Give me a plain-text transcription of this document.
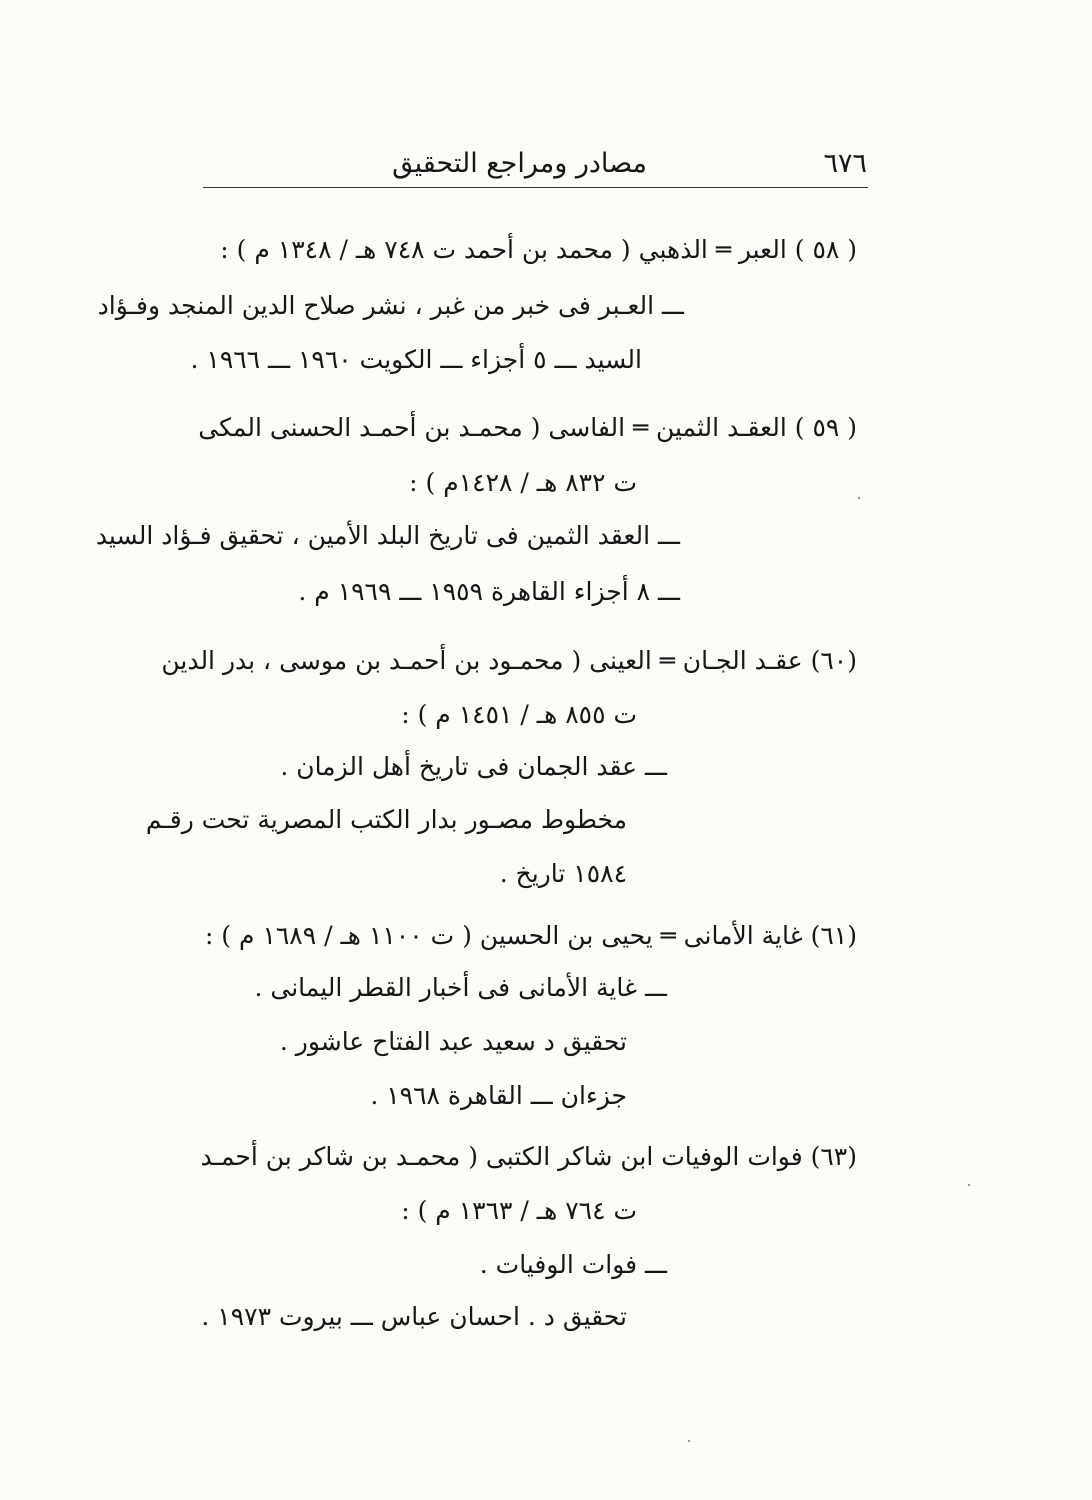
٦٧٦
مصادر ومراجع التحقيق
( ٥٨ ) العبر ═ الذهبي ( محمد بن أحمد ت ٧٤٨ هـ / ١٣٤٨ م ) :
ـــ العـبر فى خبر من غبر ، نشر صلاح الدين المنجد وفـؤاد
السيد ـــ ٥ أجزاء ـــ الكويت ١٩٦٠ ـــ ١٩٦٦ .
( ٥٩ ) العقـد الثمين ═ الفاسى ( محمـد بن أحمـد الحسنى المكى
ت ٨٣٢ هـ / ١٤٢٨م ) :
ـــ العقد الثمين فى تاريخ البلد الأمين ، تحقيق فـؤاد السيد
ـــ ٨ أجزاء القاهرة ١٩٥٩ ـــ ١٩٦٩ م .
(٦٠) عقـد الجـان ═ العينى ( محمـود بن أحمـد بن موسى ، بدر الدين
ت ٨٥٥ هـ / ١٤٥١ م ) :
ـــ عقد الجمان فى تاريخ أهل الزمان .
مخطوط مصـور بدار الكتب المصرية تحت رقـم
١٥٨٤ تاريخ .
(٦١) غاية الأمانى ═ يحيى بن الحسين ( ت ١١٠٠ هـ / ١٦٨٩ م ) :
ـــ غاية الأمانى فى أخبار القطر اليمانى .
تحقيق د سعيد عبد الفتاح عاشور .
جزءان ـــ القاهرة ١٩٦٨ .
(٦٣) فوات الوفيات ابن شاكر الكتبى ( محمـد بن شاكر بن أحمـد
ت ٧٦٤ هـ / ١٣٦٣ م ) :
ـــ فوات الوفيات .
تحقيق د . احسان عباس ـــ بيروت ١٩٧٣ .
